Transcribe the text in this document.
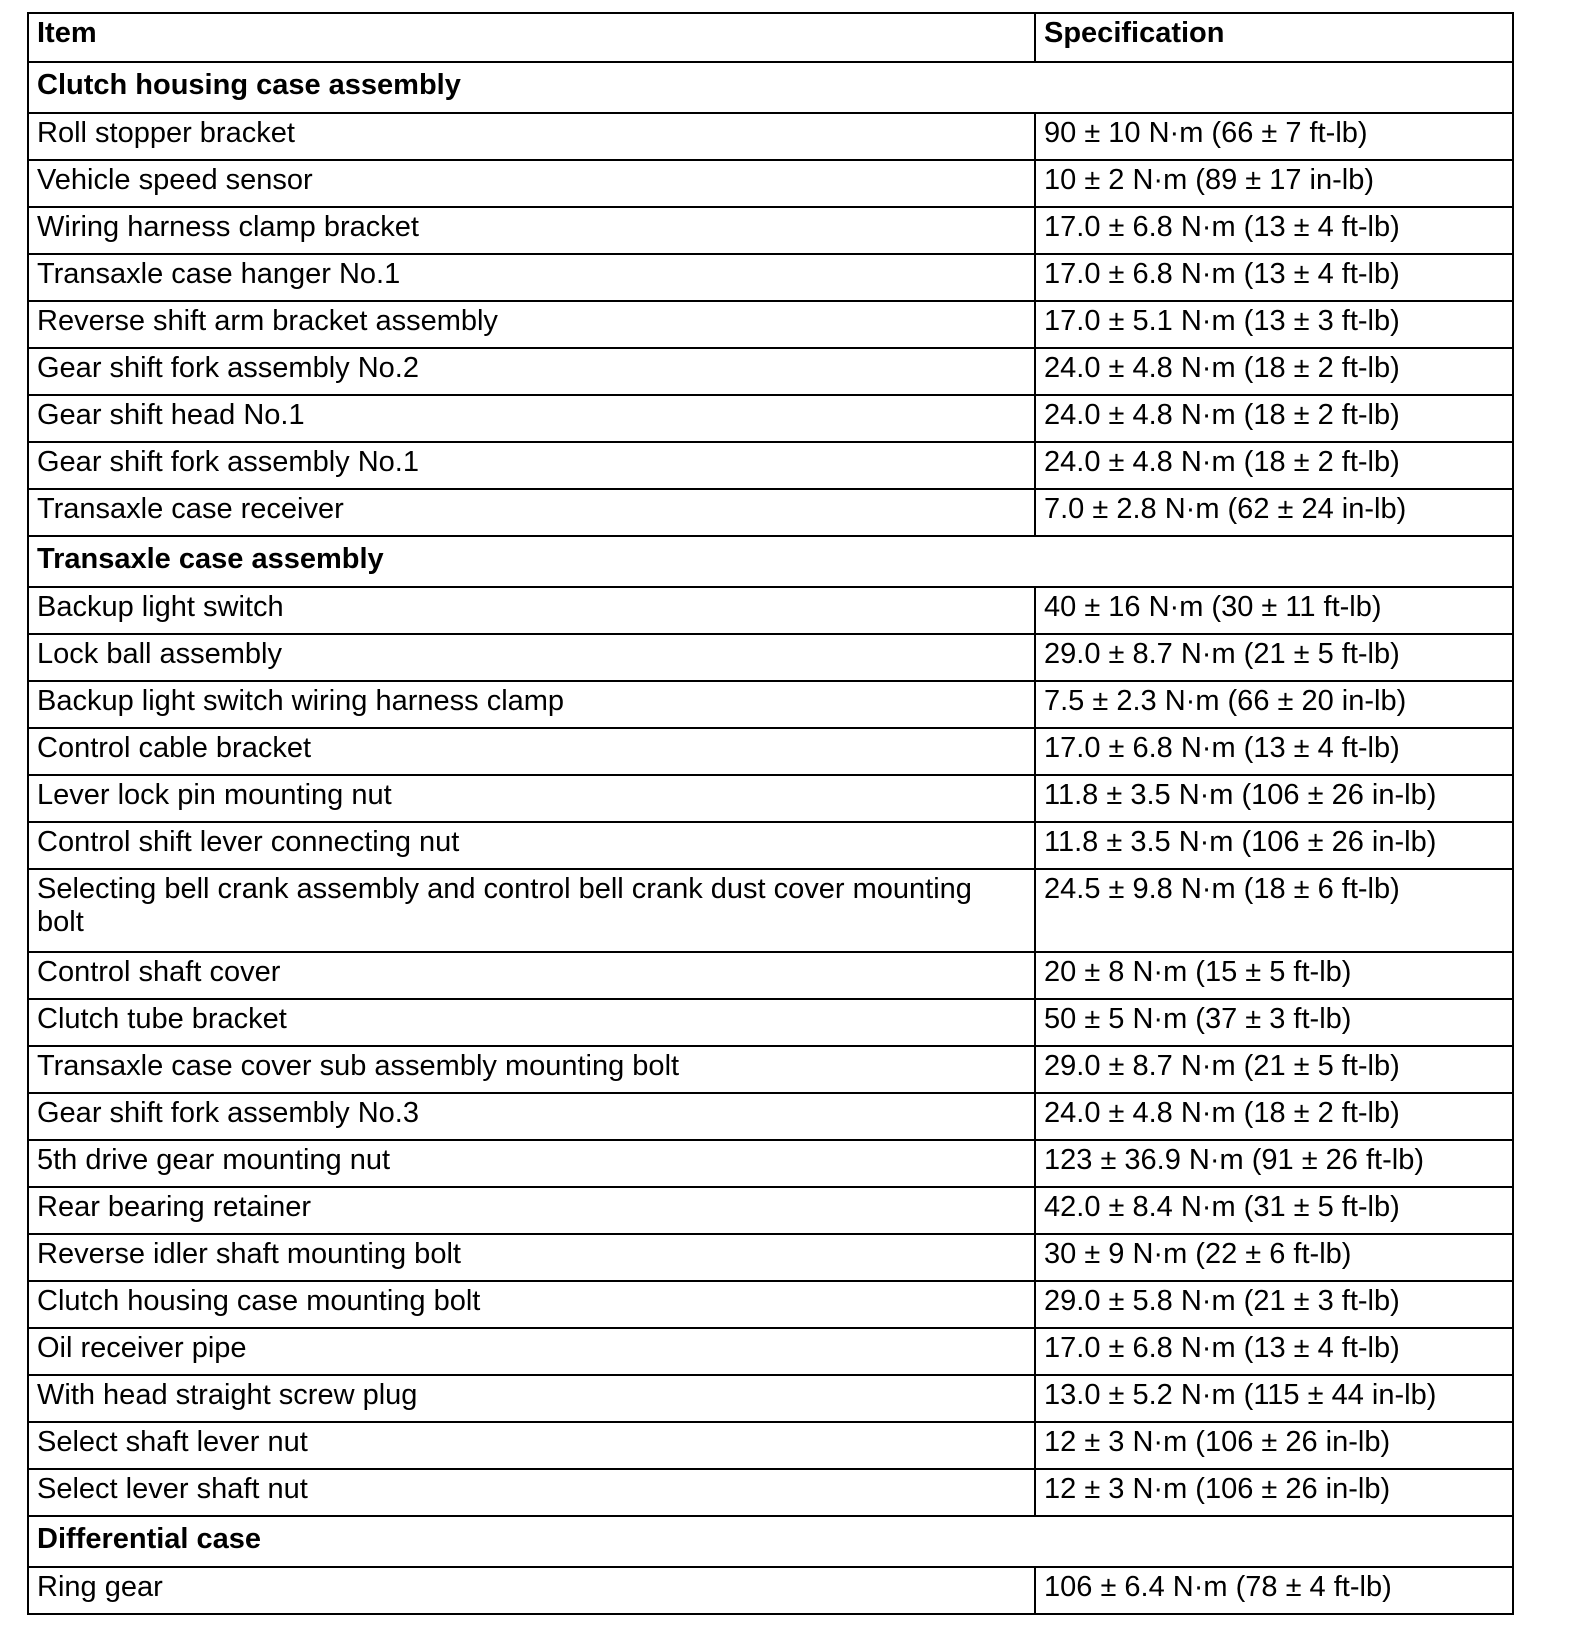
Item	Specification
Clutch housing case assembly	
Roll stopper bracket	90 ± 10 N·m (66 ± 7 ft-lb)
Vehicle speed sensor	10 ± 2 N·m (89 ± 17 in-lb)
Wiring harness clamp bracket	17.0 ± 6.8 N·m (13 ± 4 ft-lb)
Transaxle case hanger No.1	17.0 ± 6.8 N·m (13 ± 4 ft-lb)
Reverse shift arm bracket assembly	17.0 ± 5.1 N·m (13 ± 3 ft-lb)
Gear shift fork assembly No.2	24.0 ± 4.8 N·m (18 ± 2 ft-lb)
Gear shift head No.1	24.0 ± 4.8 N·m (18 ± 2 ft-lb)
Gear shift fork assembly No.1	24.0 ± 4.8 N·m (18 ± 2 ft-lb)
Transaxle case receiver	7.0 ± 2.8 N·m (62 ± 24 in-lb)
Transaxle case assembly	
Backup light switch	40 ± 16 N·m (30 ± 11 ft-lb)
Lock ball assembly	29.0 ± 8.7 N·m (21 ± 5 ft-lb)
Backup light switch wiring harness clamp	7.5 ± 2.3 N·m (66 ± 20 in-lb)
Control cable bracket	17.0 ± 6.8 N·m (13 ± 4 ft-lb)
Lever lock pin mounting nut	11.8 ± 3.5 N·m (106 ± 26 in-lb)
Control shift lever connecting nut	11.8 ± 3.5 N·m (106 ± 26 in-lb)
Selecting bell crank assembly and control bell crank dust cover mounting bolt	24.5 ± 9.8 N·m (18 ± 6 ft-lb)
Control shaft cover	20 ± 8 N·m (15 ± 5 ft-lb)
Clutch tube bracket	50 ± 5 N·m (37 ± 3 ft-lb)
Transaxle case cover sub assembly mounting bolt	29.0 ± 8.7 N·m (21 ± 5 ft-lb)
Gear shift fork assembly No.3	24.0 ± 4.8 N·m (18 ± 2 ft-lb)
5th drive gear mounting nut	123 ± 36.9 N·m (91 ± 26 ft-lb)
Rear bearing retainer	42.0 ± 8.4 N·m (31 ± 5 ft-lb)
Reverse idler shaft mounting bolt	30 ± 9 N·m (22 ± 6 ft-lb)
Clutch housing case mounting bolt	29.0 ± 5.8 N·m (21 ± 3 ft-lb)
Oil receiver pipe	17.0 ± 6.8 N·m (13 ± 4 ft-lb)
With head straight screw plug	13.0 ± 5.2 N·m (115 ± 44 in-lb)
Select shaft lever nut	12 ± 3 N·m (106 ± 26 in-lb)
Select lever shaft nut	12 ± 3 N·m (106 ± 26 in-lb)
Differential case	
Ring gear	106 ± 6.4 N·m (78 ± 4 ft-lb)
